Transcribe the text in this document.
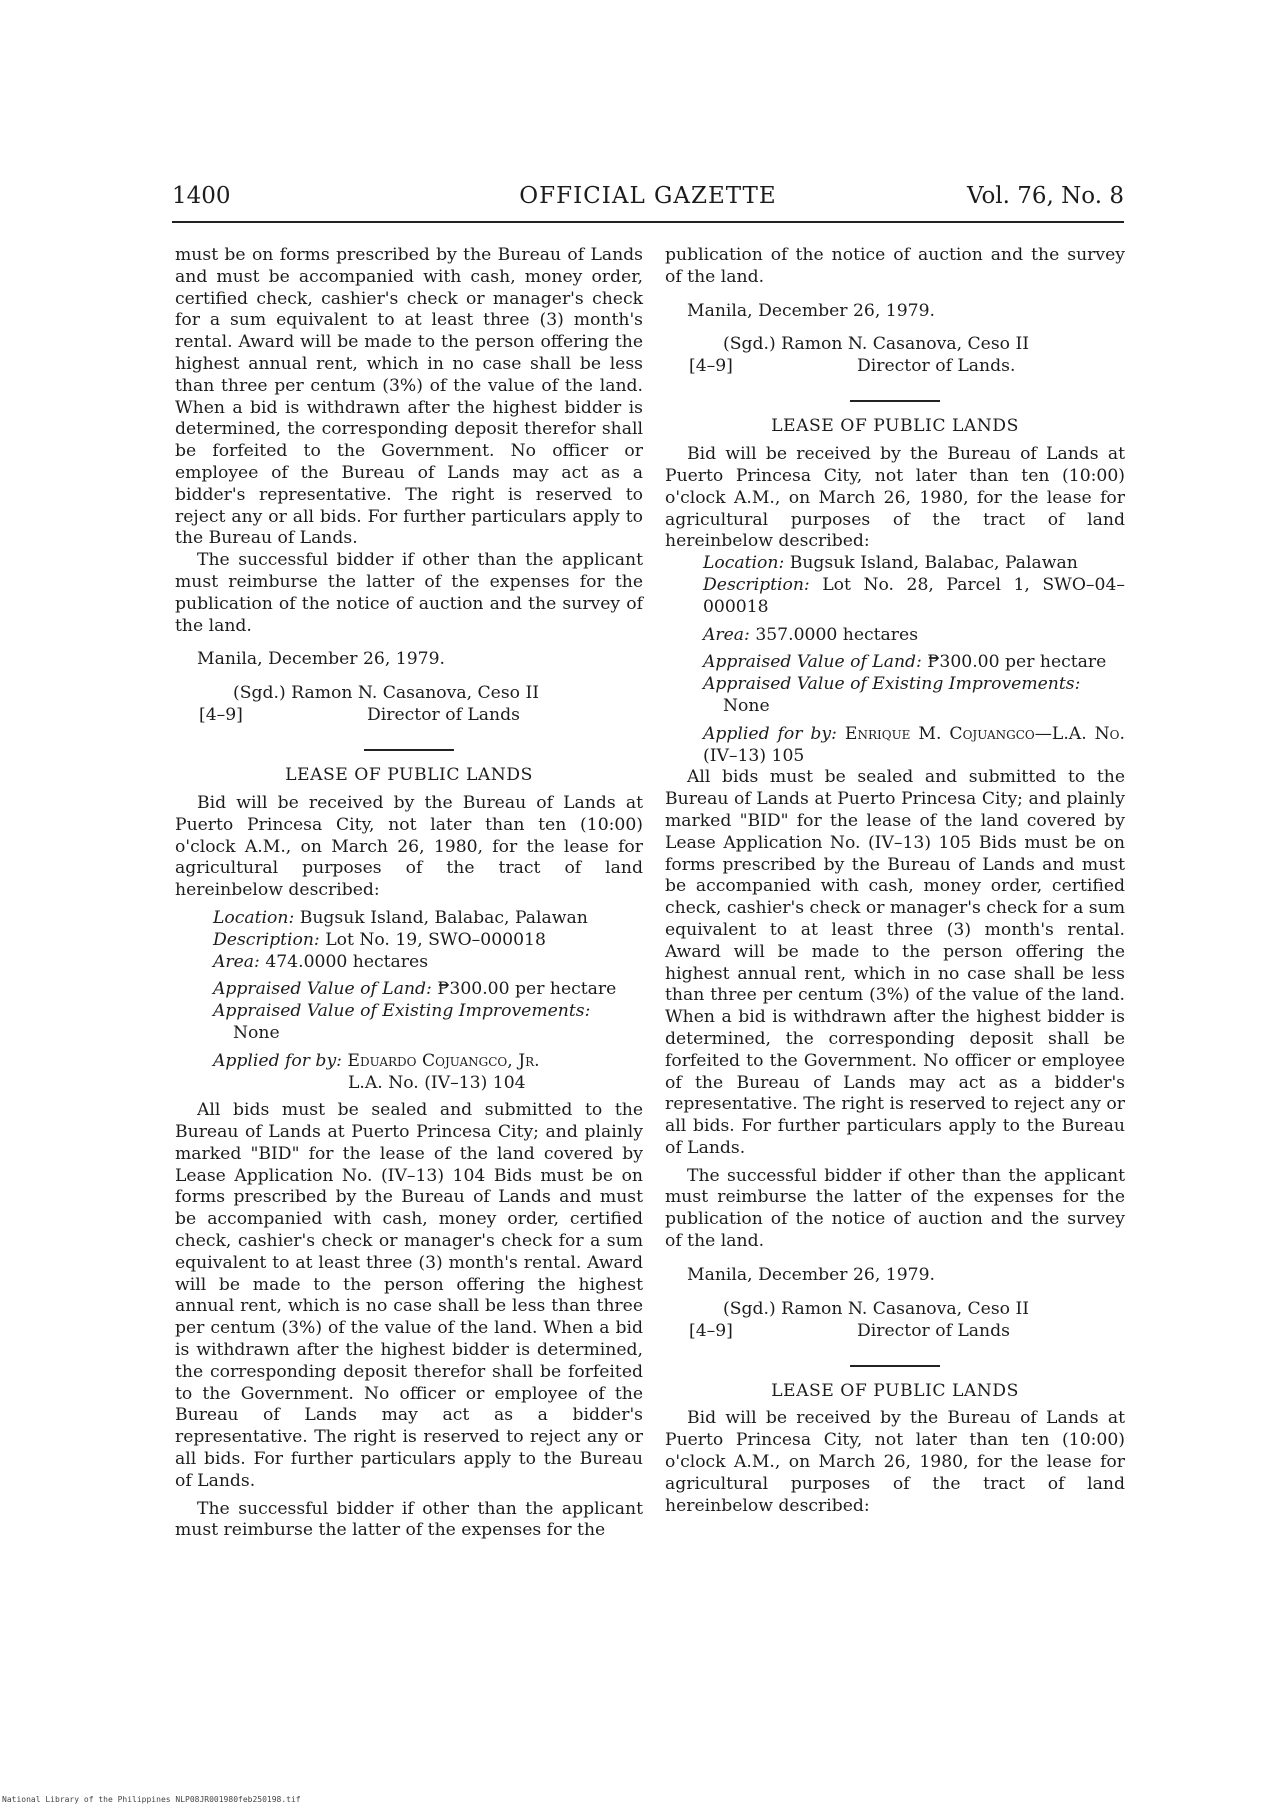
1400	OFFICIAL GAZETTE	Vol. 76, No. 8

must be on forms prescribed by the Bureau of Lands and must be accompanied with cash, money order, certified check, cashier's check or manager's check for a sum equivalent to at least three (3) month's rental. Award will be made to the person offering the highest annual rent, which in no case shall be less than three per centum (3%) of the value of the land. When a bid is withdrawn after the highest bidder is determined, the corresponding deposit therefor shall be forfeited to the Government. No officer or employee of the Bureau of Lands may act as a bidder's representative. The right is reserved to reject any or all bids. For further particulars apply to the Bureau of Lands.

The successful bidder if other than the applicant must reimburse the latter of the expenses for the publication of the notice of auction and the survey of the land.

Manila, December 26, 1979.

(Sgd.) Ramon N. Casanova, Ceso II
[4–9]	Director of Lands

LEASE OF PUBLIC LANDS

Bid will be received by the Bureau of Lands at Puerto Princesa City, not later than ten (10:00) o'clock A.M., on March 26, 1980, for the lease for agricultural purposes of the tract of land hereinbelow described:

Location: Bugsuk Island, Balabac, Palawan

Description: Lot No. 19, SWO–000018

Area: 474.0000 hectares

Appraised Value of Land: ₱300.00 per hectare

Appraised Value of Existing Improvements:

None

Applied for by: Eduardo Cojuangco, Jr.

L.A. No. (IV–13) 104

All bids must be sealed and submitted to the Bureau of Lands at Puerto Princesa City; and plainly marked "BID" for the lease of the land covered by Lease Application No. (IV–13) 104 Bids must be on forms prescribed by the Bureau of Lands and must be accompanied with cash, money order, certified check, cashier's check or manager's check for a sum equivalent to at least three (3) month's rental. Award will be made to the person offering the highest annual rent, which is no case shall be less than three per centum (3%) of the value of the land. When a bid is withdrawn after the highest bidder is determined, the corresponding deposit therefor shall be forfeited to the Government. No officer or employee of the Bureau of Lands may act as a bidder's representative. The right is reserved to reject any or all bids. For further particulars apply to the Bureau of Lands.

The successful bidder if other than the applicant must reimburse the latter of the expenses for the

publication of the notice of auction and the survey of the land.

Manila, December 26, 1979.

(Sgd.) Ramon N. Casanova, Ceso II
[4–9]	Director of Lands.

LEASE OF PUBLIC LANDS

Bid will be received by the Bureau of Lands at Puerto Princesa City, not later than ten (10:00) o'clock A.M., on March 26, 1980, for the lease for agricultural purposes of the tract of land hereinbelow described:

Location: Bugsuk Island, Balabac, Palawan

Description: Lot No. 28, Parcel 1, SWO–04–000018

Area: 357.0000 hectares

Appraised Value of Land: ₱300.00 per hectare

Appraised Value of Existing Improvements:

None

Applied for by: Enrique M. Cojuangco—L.A. No. (IV–13) 105

All bids must be sealed and submitted to the Bureau of Lands at Puerto Princesa City; and plainly marked "BID" for the lease of the land covered by Lease Application No. (IV–13) 105 Bids must be on forms prescribed by the Bureau of Lands and must be accompanied with cash, money order, certified check, cashier's check or manager's check for a sum equivalent to at least three (3) month's rental. Award will be made to the person offering the highest annual rent, which in no case shall be less than three per centum (3%) of the value of the land. When a bid is withdrawn after the highest bidder is determined, the corresponding deposit shall be forfeited to the Government. No officer or employee of the Bureau of Lands may act as a bidder's representative. The right is reserved to reject any or all bids. For further particulars apply to the Bureau of Lands.

The successful bidder if other than the applicant must reimburse the latter of the expenses for the publication of the notice of auction and the survey of the land.

Manila, December 26, 1979.

(Sgd.) Ramon N. Casanova, Ceso II
[4–9]	Director of Lands

LEASE OF PUBLIC LANDS

Bid will be received by the Bureau of Lands at Puerto Princesa City, not later than ten (10:00) o'clock A.M., on March 26, 1980, for the lease for agricultural purposes of the tract of land hereinbelow described:

National Library of the Philippines NLP08JR001980feb250198.tif
